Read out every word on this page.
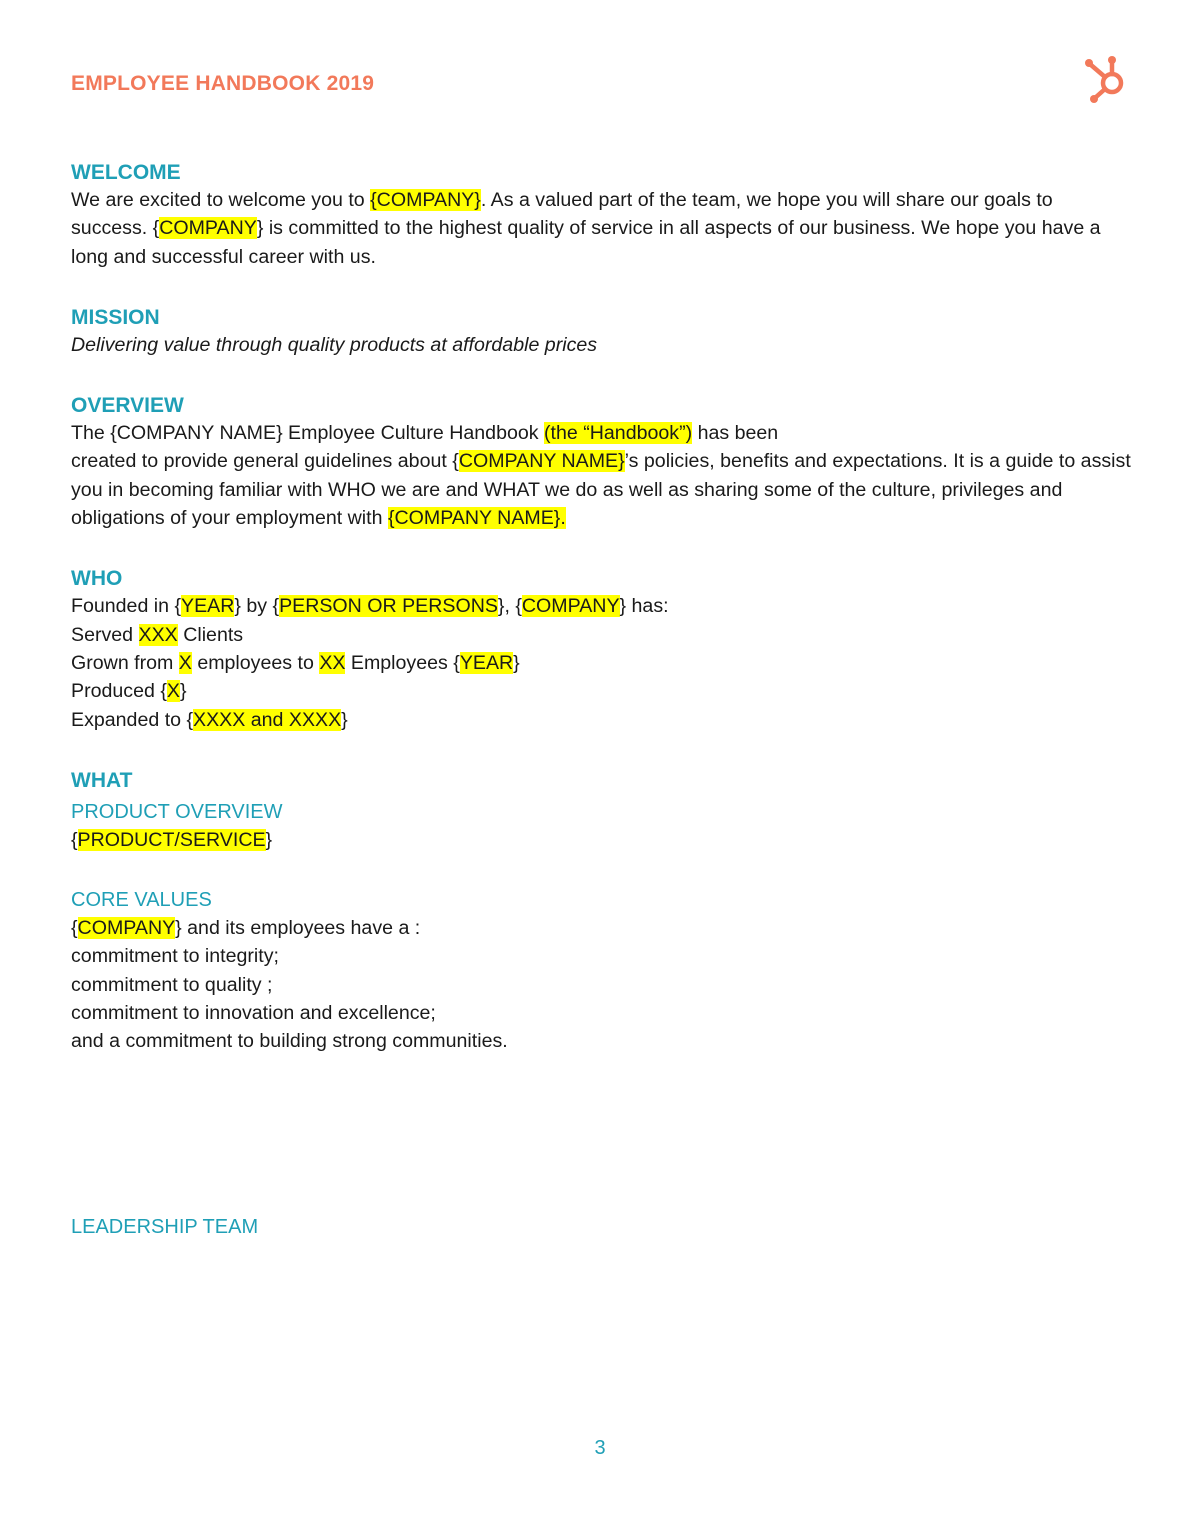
EMPLOYEE HANDBOOK 2019
WELCOME

We are excited to welcome you to {COMPANY}. As a valued part of the team, we hope you will share our goals to success. {COMPANY} is committed to the highest quality of service in all aspects of our business. We hope you have a long and successful career with us.

MISSION

Delivering value through quality products at affordable prices

OVERVIEW

The {COMPANY NAME} Employee Culture Handbook (the “Handbook”) has been

created to provide general guidelines about {COMPANY NAME}’s policies, benefits and expectations. It is a guide to assist you in becoming familiar with WHO we are and WHAT we do as well as sharing some of the culture, privileges and obligations of your employment with {COMPANY NAME}.

WHO

Founded in {YEAR} by {PERSON OR PERSONS}, {COMPANY} has:

Served XXX Clients

Grown from X employees to XX Employees {YEAR}

Produced {X}

Expanded to {XXXX and XXXX}

WHAT
PRODUCT OVERVIEW

{PRODUCT/SERVICE}

CORE VALUES

{COMPANY} and its employees have a :

commitment to integrity;

commitment to quality ;

commitment to innovation and excellence;

and a commitment to building strong communities.

LEADERSHIP TEAM
3
